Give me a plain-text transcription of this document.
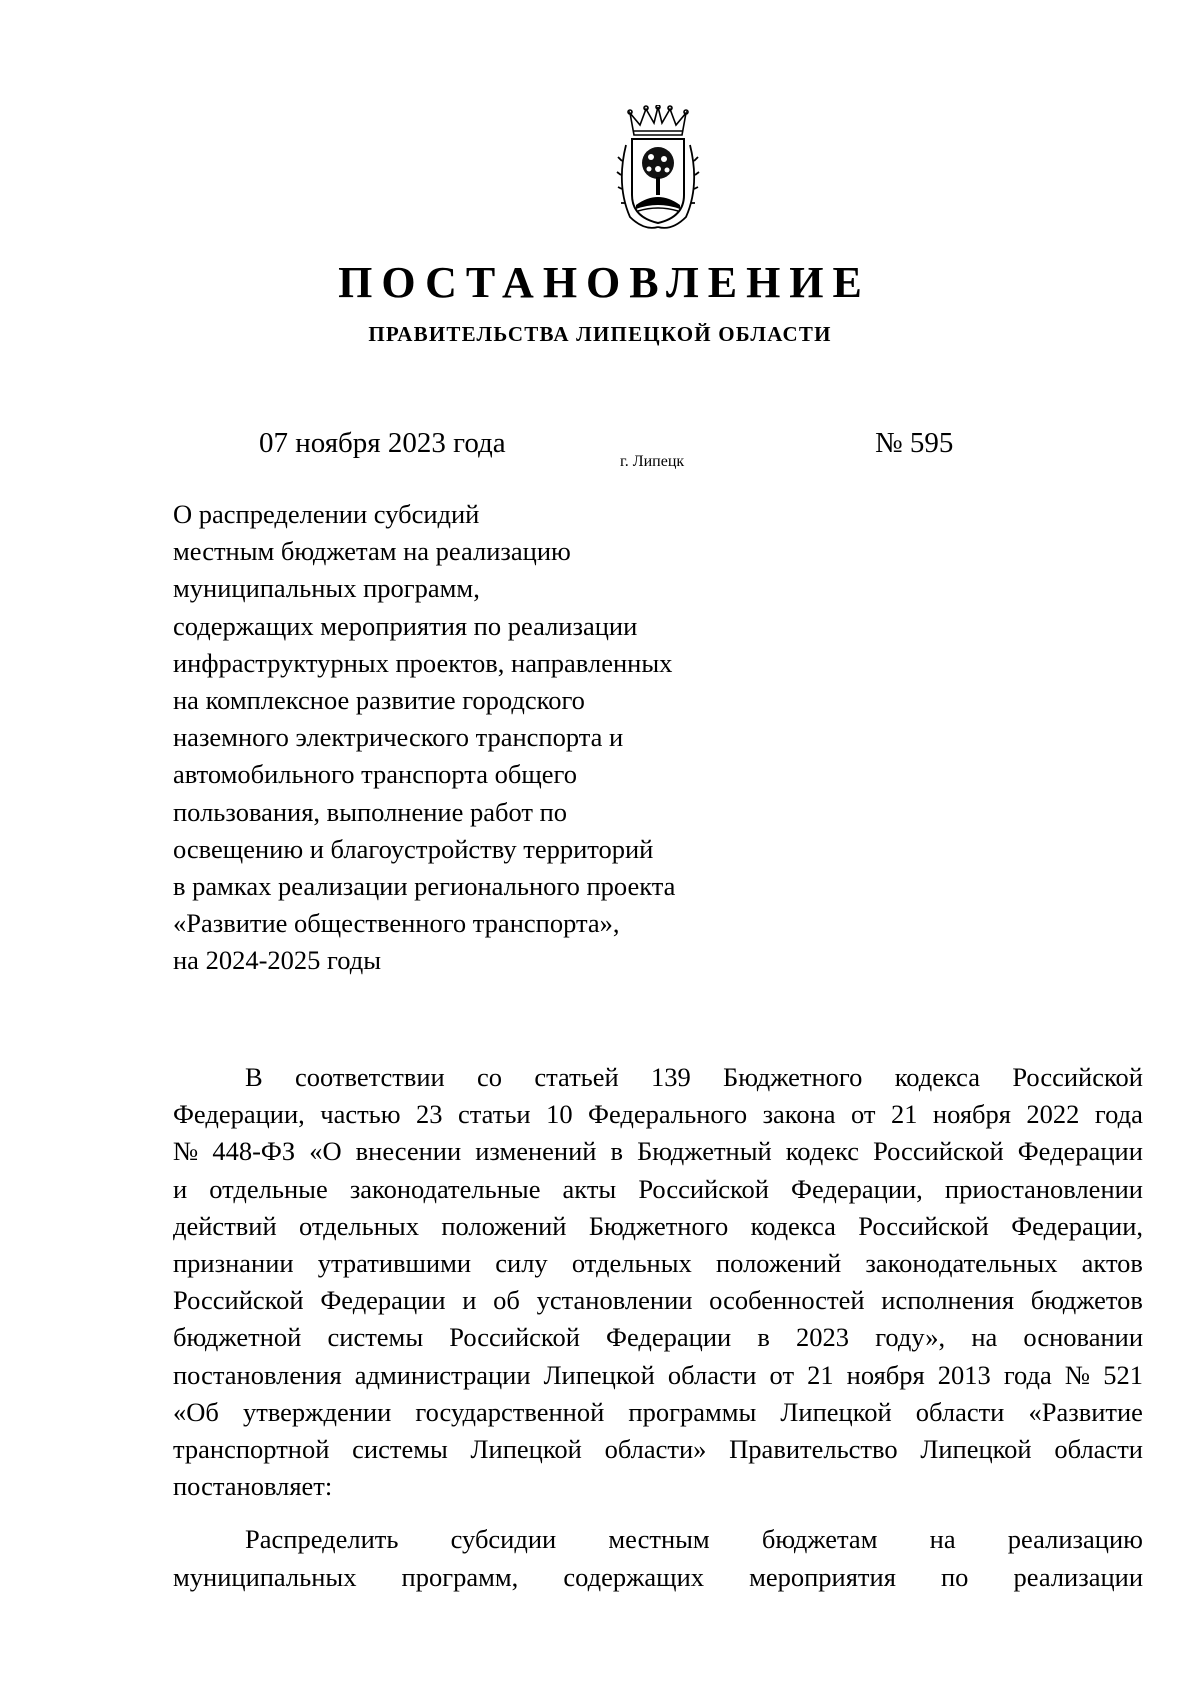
ПОСТАНОВЛЕНИЕ
ПРАВИТЕЛЬСТВА ЛИПЕЦКОЙ ОБЛАСТИ
07 ноября 2023 года
г. Липецк
№ 595
О распределении субсидий
местным бюджетам на реализацию
муниципальных программ,
содержащих мероприятия по реализации
инфраструктурных проектов, направленных
на комплексное развитие городского
наземного электрического транспорта и
автомобильного транспорта общего
пользования, выполнение работ по
освещению и благоустройству территорий
в рамках реализации регионального проекта
«Развитие общественного транспорта»,
на 2024-2025 годы
В соответствии со статьей 139 Бюджетного кодекса Российской
Федерации, частью 23 статьи 10 Федерального закона от 21 ноября 2022 года
№ 448-ФЗ «О внесении изменений в Бюджетный кодекс Российской Федерации
и отдельные законодательные акты Российской Федерации, приостановлении
действий отдельных положений Бюджетного кодекса Российской Федерации,
признании утратившими силу отдельных положений законодательных актов
Российской Федерации и об установлении особенностей исполнения бюджетов
бюджетной системы Российской Федерации в 2023 году», на основании
постановления администрации Липецкой области от 21 ноября 2013 года № 521
«Об утверждении государственной программы Липецкой области «Развитие
транспортной системы Липецкой области» Правительство Липецкой области
постановляет:
Распределить субсидии местным бюджетам на реализацию
муниципальных программ, содержащих мероприятия по реализации
